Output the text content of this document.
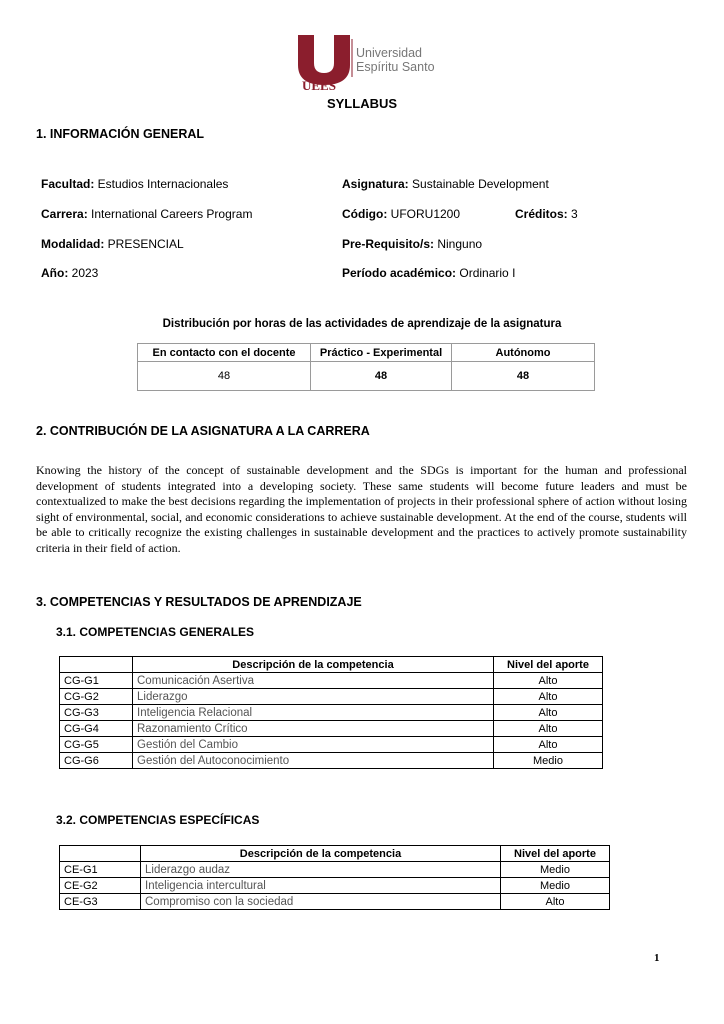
UEES
Universidad
Espíritu Santo
SYLLABUS
1. INFORMACIÓN GENERAL
Facultad: Estudios Internacionales	Asignatura: Sustainable Development
Carrera: International Careers Program	Código: UFORU1200	Créditos: 3
Modalidad: PRESENCIAL	Pre-Requisito/s: Ninguno
Año: 2023	Período académico: Ordinario I
Distribución por horas de las actividades de aprendizaje de la asignatura
En contacto con el docente	Práctico - Experimental	Autónomo
48	48	48
2. CONTRIBUCIÓN DE LA ASIGNATURA A LA CARRERA
Knowing the history of the concept of sustainable development and the SDGs is important for the human and professional development of students integrated into a developing society. These same students will become future leaders and must be contextualized to make the best decisions regarding the implementation of projects in their professional sphere of action without losing sight of environmental, social, and economic considerations to achieve sustainable development. At the end of the course, students will be able to critically recognize the existing challenges in sustainable development and the practices to actively promote sustainability criteria in their field of action.
3. COMPETENCIAS Y RESULTADOS DE APRENDIZAJE
3.1. COMPETENCIAS GENERALES
	Descripción de la competencia	Nivel del aporte
CG-G1	Comunicación Asertiva	Alto
CG-G2	Liderazgo	Alto
CG-G3	Inteligencia Relacional	Alto
CG-G4	Razonamiento Crítico	Alto
CG-G5	Gestión del Cambio	Alto
CG-G6	Gestión del Autoconocimiento	Medio
3.2. COMPETENCIAS ESPECÍFICAS
	Descripción de la competencia	Nivel del aporte
CE-G1	Liderazgo audaz	Medio
CE-G2	Inteligencia intercultural	Medio
CE-G3	Compromiso con la sociedad	Alto
1
